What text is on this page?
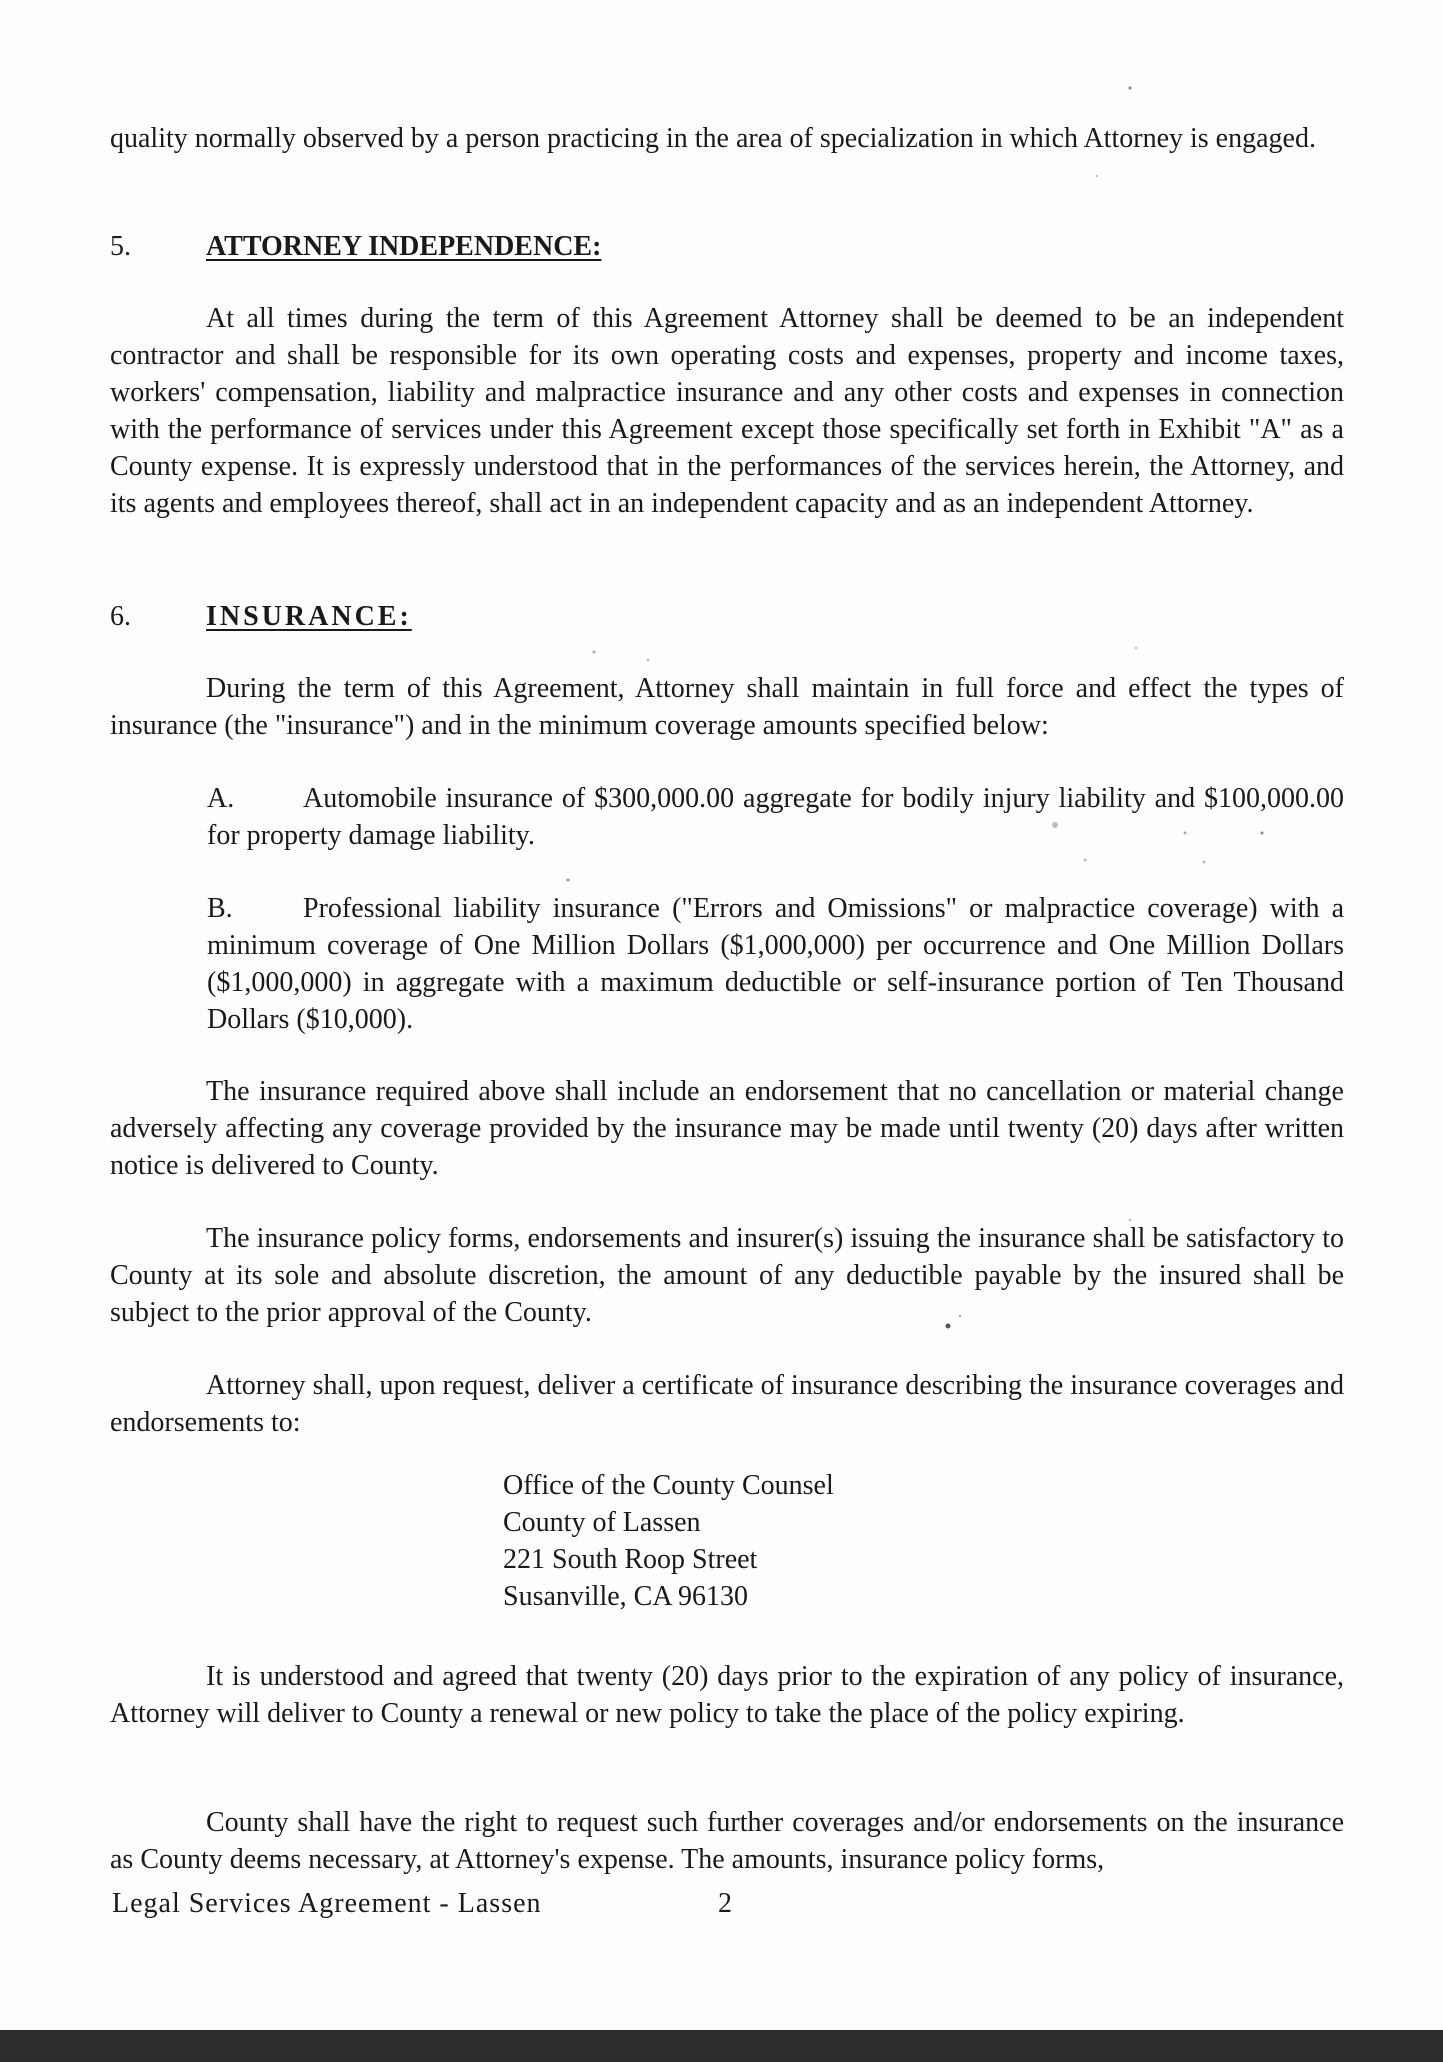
quality normally observed by a person practicing in the area of specialization in which Attorney is engaged.

5.	ATTORNEY INDEPENDENCE:

At all times during the term of this Agreement Attorney shall be deemed to be an independent contractor and shall be responsible for its own operating costs and expenses, property and income taxes, workers' compensation, liability and malpractice insurance and any other costs and expenses in connection with the performance of services under this Agreement except those specifically set forth in Exhibit "A" as a County expense. It is expressly understood that in the performances of the services herein, the Attorney, and its agents and employees thereof, shall act in an independent capacity and as an independent Attorney.

6.	INSURANCE:

During the term of this Agreement, Attorney shall maintain in full force and effect the types of insurance (the "insurance") and in the minimum coverage amounts specified below:

A. Automobile insurance of $300,000.00 aggregate for bodily injury liability and $100,000.00 for property damage liability.

B.	Professional liability insurance ("Errors and Omissions" or malpractice coverage) with a minimum coverage of One Million Dollars ($1,000,000) per occurrence and One Million Dollars ($1,000,000) in aggregate with a maximum deductible or self-insurance portion of Ten Thousand Dollars ($10,000).

The insurance required above shall include an endorsement that no cancellation or material change adversely affecting any coverage provided by the insurance may be made until twenty (20) days after written notice is delivered to County.

The insurance policy forms, endorsements and insurer(s) issuing the insurance shall be satisfactory to County at its sole and absolute discretion, the amount of any deductible payable by the insured shall be subject to the prior approval of the County.

Attorney shall, upon request, deliver a certificate of insurance describing the insurance coverages and endorsements to:

Office of the County Counsel
County of Lassen
221 South Roop Street
Susanville, CA 96130

It is understood and agreed that twenty (20) days prior to the expiration of any policy of insurance, Attorney will deliver to County a renewal or new policy to take the place of the policy expiring.

County shall have the right to request such further coverages and/or endorsements on the insurance as County deems necessary, at Attorney's expense. The amounts, insurance policy forms,

Legal Services Agreement - Lassen	2
